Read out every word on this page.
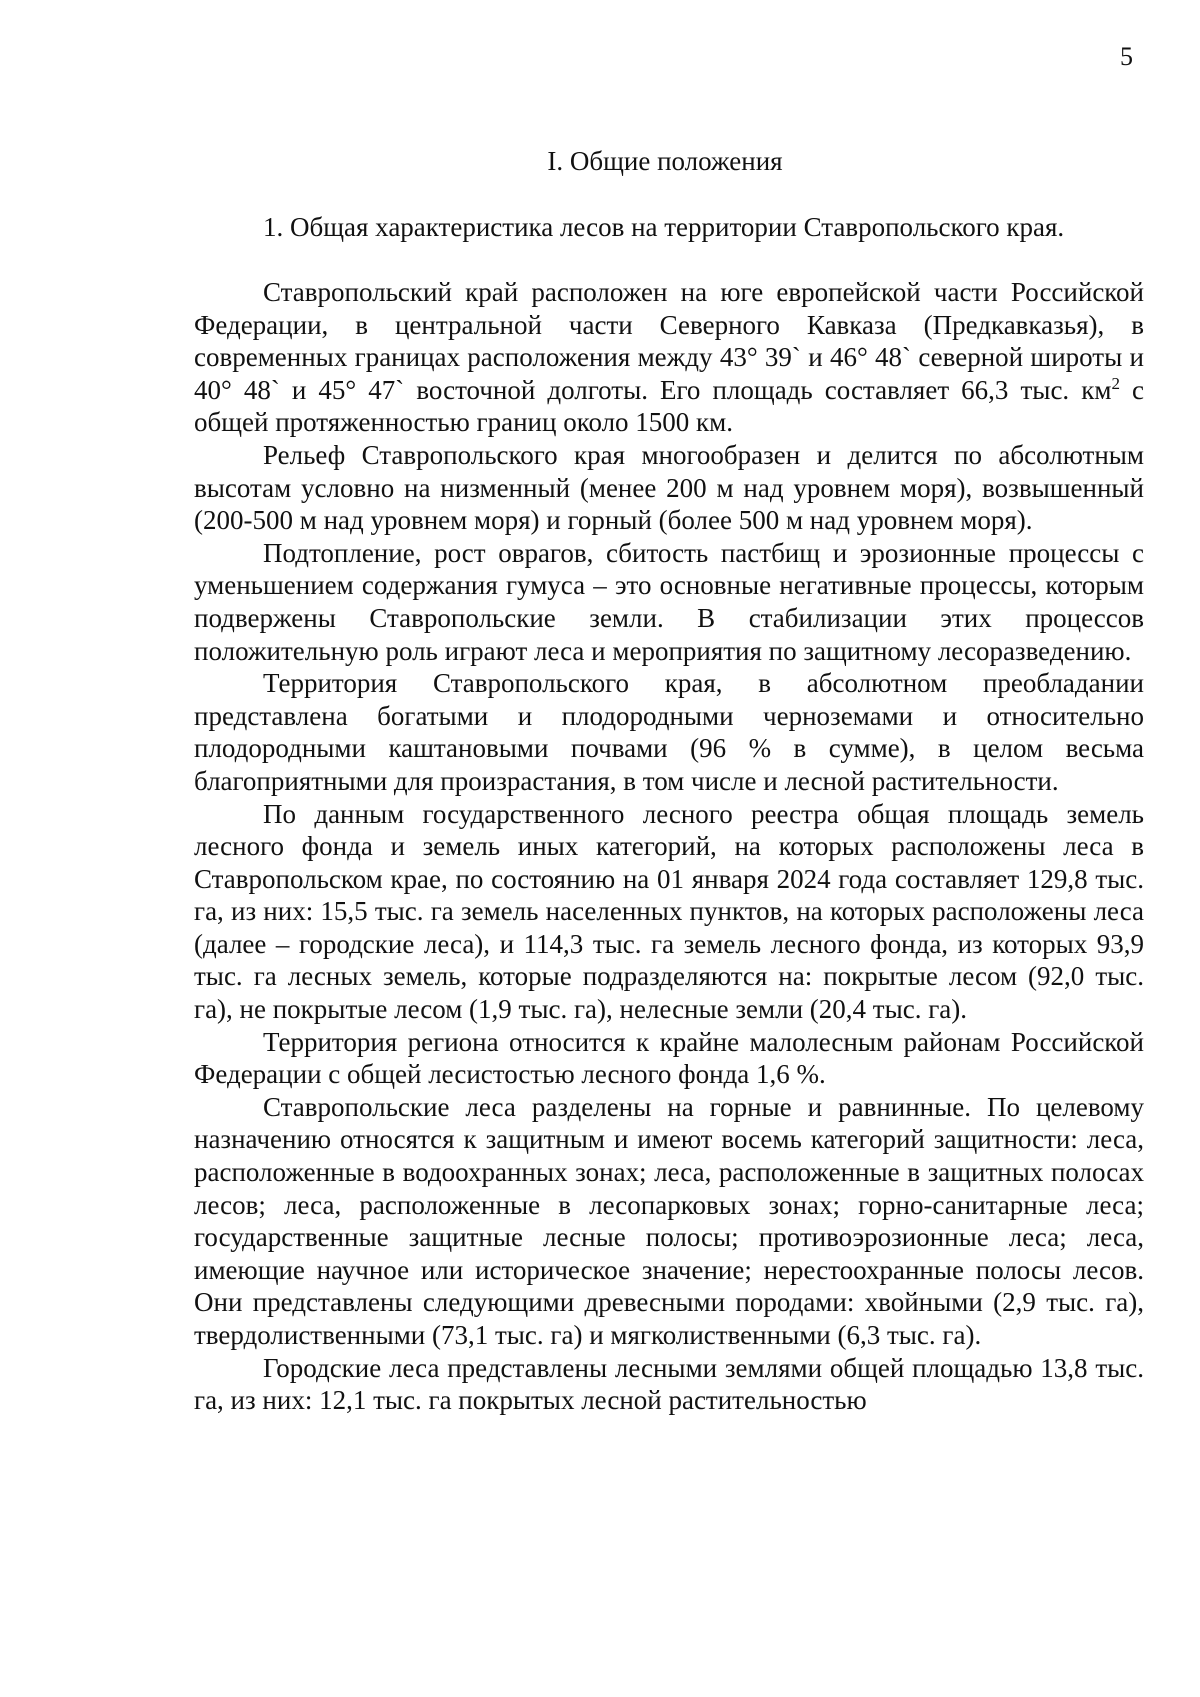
5
I. Общие положения
1. Общая характеристика лесов на территории Ставропольского края.

Ставропольский край расположен на юге европейской части Российской Федерации, в центральной части Северного Кавказа (Предкавказья), в современных границах расположения между 43° 39` и 46° 48` северной широты и 40° 48` и 45° 47` восточной долготы. Его площадь составляет 66,3 тыс. $км^2$ с общей протяженностью границ около 1500 км.

Рельеф Ставропольского края многообразен и делится по абсолютным высотам условно на низменный (менее 200 м над уровнем моря), возвышенный (200-500 м над уровнем моря) и горный (более 500 м над уровнем моря).

Подтопление, рост оврагов, сбитость пастбищ и эрозионные процессы с уменьшением содержания гумуса – это основные негативные процессы, которым подвержены Ставропольские земли. В стабилизации этих процессов положительную роль играют леса и мероприятия по защитному лесоразведению.

Территория Ставропольского края, в абсолютном преобладании представлена богатыми и плодородными черноземами и относительно плодородными каштановыми почвами (96 % в сумме), в целом весьма благоприятными для произрастания, в том числе и лесной растительности.

По данным государственного лесного реестра общая площадь земель лесного фонда и земель иных категорий, на которых расположены леса в Ставропольском крае, по состоянию на 01 января 2024 года составляет 129,8 тыс. га, из них: 15,5 тыс. га земель населенных пунктов, на которых расположены леса (далее – городские леса), и 114,3 тыс. га земель лесного фонда, из которых 93,9 тыс. га лесных земель, которые подразделяются на: покрытые лесом (92,0 тыс. га), не покрытые лесом (1,9 тыс. га), нелесные земли (20,4 тыс. га).

Территория региона относится к крайне малолесным районам Российской Федерации с общей лесистостью лесного фонда 1,6 %.

Ставропольские леса разделены на горные и равнинные. По целевому назначению относятся к защитным и имеют восемь категорий защитности: леса, расположенные в водоохранных зонах; леса, расположенные в защитных полосах лесов; леса, расположенные в лесопарковых зонах; горно-санитарные леса; государственные защитные лесные полосы; противоэрозионные леса; леса, имеющие научное или историческое значение; нерестоохранные полосы лесов. Они представлены следующими древесными породами: хвойными (2,9 тыс. га), твердолиственными (73,1 тыс. га) и мягколиственными (6,3 тыс. га).

Городские леса представлены лесными землями общей площадью 13,8 тыс. га, из них: 12,1 тыс. га покрытых лесной растительностью
